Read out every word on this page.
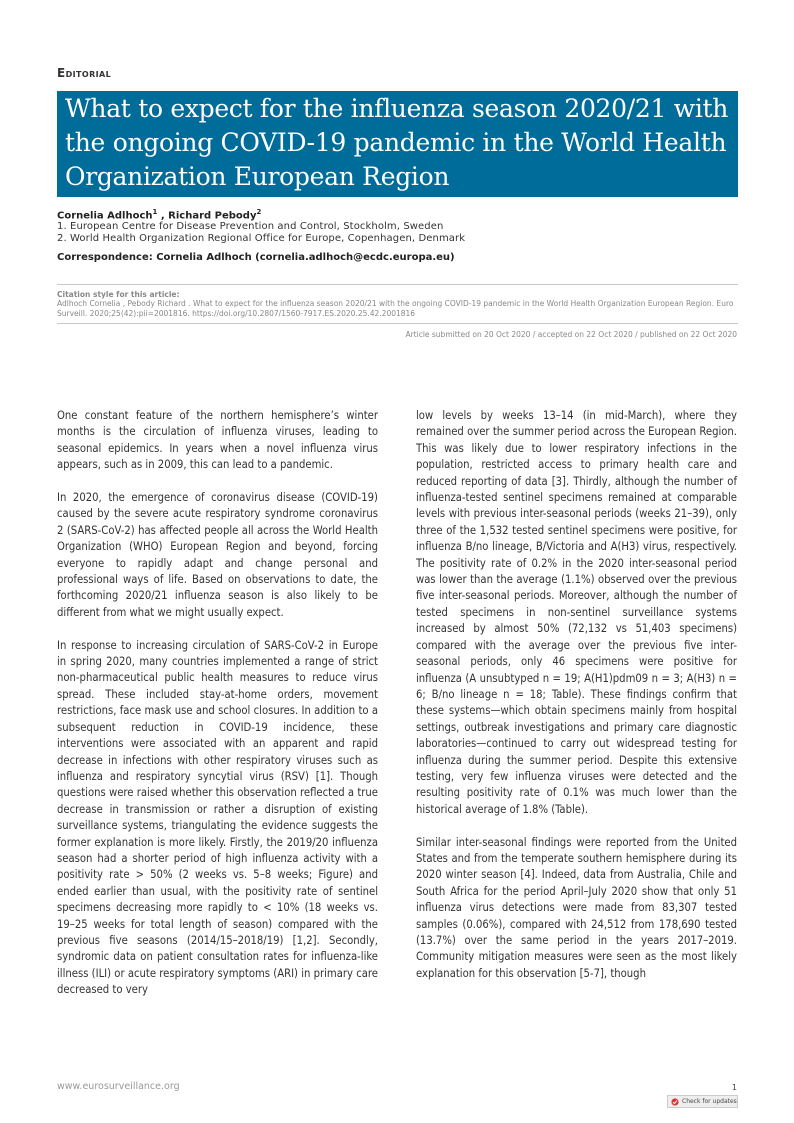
Editorial
What to expect for the influenza season 2020/21 with the ongoing COVID-19 pandemic in the World Health Organization European Region
Cornelia Adlhoch$^1$ , Richard Pebody$^2$
1. European Centre for Disease Prevention and Control, Stockholm, Sweden
2. World Health Organization Regional Office for Europe, Copenhagen, Denmark
Correspondence: Cornelia Adlhoch (cornelia.adlhoch@ecdc.europa.eu)
Citation style for this article:
Adlhoch Cornelia , Pebody Richard . What to expect for the influenza season 2020/21 with the ongoing COVID-19 pandemic in the World Health Organization European Region. Euro Surveill. 2020;25(42):pii=2001816. https://doi.org/10.2807/1560-7917.ES.2020.25.42.2001816
Article submitted on 20 Oct 2020 / accepted on 22 Oct 2020 / published on 22 Oct 2020

One constant feature of the northern hemisphere’s winter months is the circulation of influenza viruses, leading to seasonal epidemics. In years when a novel influenza virus appears, such as in 2009, this can lead to a pandemic.

In 2020, the emergence of coronavirus disease (COVID-19) caused by the severe acute respiratory syndrome coronavirus 2 (SARS-CoV-2) has affected people all across the World Health Organization (WHO) European Region and beyond, forcing everyone to rapidly adapt and change personal and professional ways of life. Based on observations to date, the forthcoming 2020/21 influenza season is also likely to be different from what we might usually expect.

In response to increasing circulation of SARS-CoV-2 in Europe in spring 2020, many countries implemented a range of strict non-pharmaceutical public health measures to reduce virus spread. These included stay-at-home orders, movement restrictions, face mask use and school closures. In addition to a subsequent reduction in COVID-19 incidence, these interventions were associated with an apparent and rapid decrease in infections with other respiratory viruses such as influenza and respiratory syncytial virus (RSV) [1]. Though questions were raised whether this observation reflected a true decrease in transmission or rather a disruption of existing surveillance systems, triangulating the evidence suggests the former explanation is more likely. Firstly, the 2019/20 influenza season had a shorter period of high influenza activity with a positivity rate > 50% (2 weeks vs. 5–8 weeks; Figure) and ended earlier than usual, with the positivity rate of sentinel specimens decreasing more rapidly to < 10% (18 weeks vs. 19–25 weeks for total length of season) compared with the previous five seasons (2014/15–2018/19) [1,2]. Secondly, syndromic data on patient consultation rates for influenza-like illness (ILI) or acute respiratory symptoms (ARI) in primary care decreased to very

low levels by weeks 13–14 (in mid-March), where they remained over the summer period across the European Region. This was likely due to lower respiratory infections in the population, restricted access to primary health care and reduced reporting of data [3]. Thirdly, although the number of influenza-tested sentinel specimens remained at comparable levels with previous inter-seasonal periods (weeks 21–39), only three of the 1,532 tested sentinel specimens were positive, for influenza B/no lineage, B/Victoria and A(H3) virus, respectively. The positivity rate of 0.2% in the 2020 inter-seasonal period was lower than the average (1.1%) observed over the previous five inter-seasonal periods. Moreover, although the number of tested specimens in non-sentinel surveillance systems increased by almost 50% (72,132 vs 51,403 specimens) compared with the average over the previous five inter-seasonal periods, only 46 specimens were positive for influenza (A unsubtyped n = 19; A(H1)pdm09 n = 3; A(H3) n = 6; B/no lineage n = 18; Table). These findings confirm that these systems—which obtain specimens mainly from hospital settings, outbreak investigations and primary care diagnostic laboratories—continued to carry out widespread testing for influenza during the summer period. Despite this extensive testing, very few influenza viruses were detected and the resulting positivity rate of 0.1% was much lower than the historical average of 1.8% (Table).

Similar inter-seasonal findings were reported from the United States and from the temperate southern hemisphere during its 2020 winter season [4]. Indeed, data from Australia, Chile and South Africa for the period April–July 2020 show that only 51 influenza virus detections were made from 83,307 tested samples (0.06%), compared with 24,512 from 178,690 tested (13.7%) over the same period in the years 2017–2019. Community mitigation measures were seen as the most likely explanation for this observation [5-7], though

www.eurosurveillance.org	1
Check for updates
